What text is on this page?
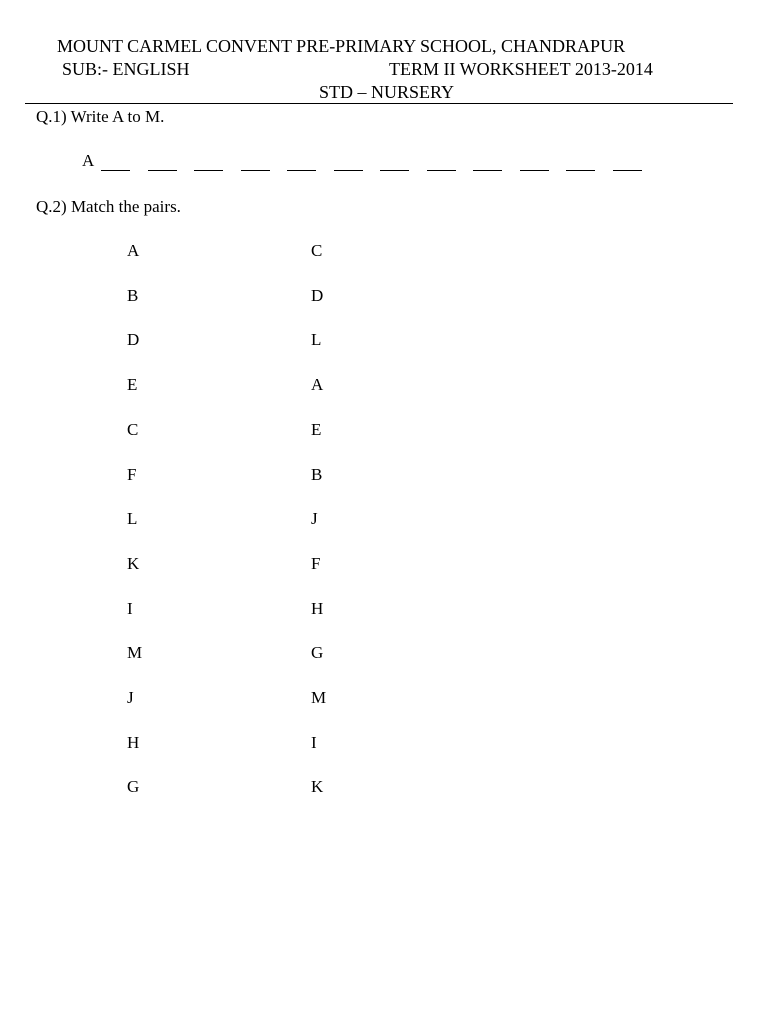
MOUNT CARMEL CONVENT PRE-PRIMARY SCHOOL, CHANDRAPUR
SUB:- ENGLISH	TERM II WORKSHEET 2013-2014
STD – NURSERY
Q.1) Write A to M.
A
Q.2) Match the pairs.
A	C
B	D
D	L
E	A
C	E
F	B
L	J
K	F
I	H
M	G
J	M
H	I
G	K
